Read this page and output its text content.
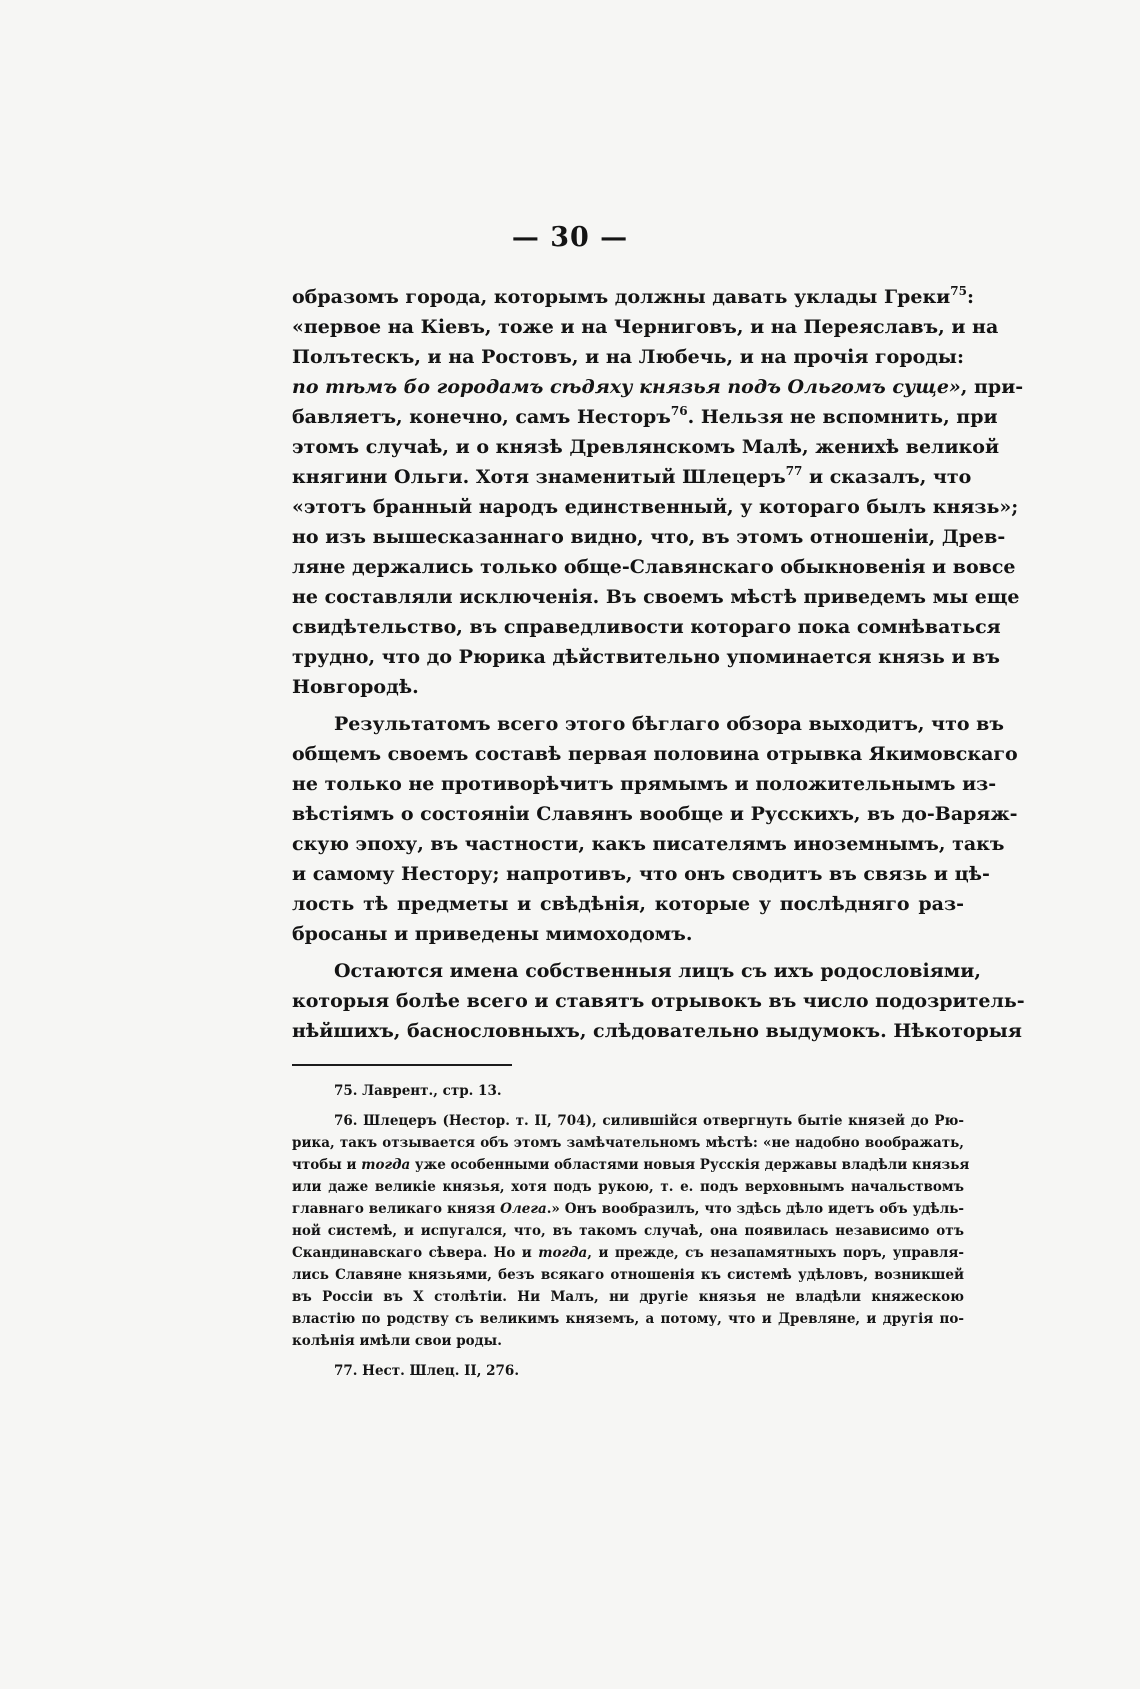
— 30 —

образомъ города, которымъ должны давать уклады Греки$^{75}$:
«первое на Кіевъ, тоже и на Черниговъ, и на Переяславъ, и на
Полътескъ, и на Ростовъ, и на Любечь, и на прочія городы:
по тѣмъ бо городамъ сѣдяху князья подъ Ольгомъ суще», при-
бавляетъ, конечно, самъ Несторъ$^{76}$. Нельзя не вспомнить, при
этомъ случаѣ, и о князѣ Древлянскомъ Малѣ, женихѣ великой
княгини Ольги. Хотя знаменитый Шлецеръ$^{77}$ и сказалъ, что
«этотъ бранный народъ единственный, у котораго былъ князь»;
но изъ вышесказаннаго видно, что, въ этомъ отношеніи, Древ-
ляне держались только обще-Славянскаго обыкновенія и вовсе
не составляли исключенія. Въ своемъ мѣстѣ приведемъ мы еще
свидѣтельство, въ справедливости котораго пока сомнѣваться
трудно, что до Рюрика дѣйствительно упоминается князь и въ
Новгородѣ.

Результатомъ всего этого бѣглаго обзора выходитъ, что въ
общемъ своемъ составѣ первая половина отрывка Якимовскаго
не только не противорѣчитъ прямымъ и положительнымъ из-
вѣстіямъ о состояніи Славянъ вообще и Русскихъ, въ до-Варяж-
скую эпоху, въ частности, какъ писателямъ иноземнымъ, такъ
и самому Нестору; напротивъ, что онъ сводитъ въ связь и цѣ-
лость тѣ предметы и свѣдѣнія, которые у послѣдняго раз-
бросаны и приведены мимоходомъ.

Остаются имена собственныя лицъ съ ихъ родословіями,
которыя болѣе всего и ставятъ отрывокъ въ число подозритель-
нѣйшихъ, баснословныхъ, слѣдовательно выдумокъ. Нѣкоторыя

75. Лаврент., стр. 13.

76. Шлецеръ (Нестор. т. II, 704), силившійся отвергнуть бытіе князей до Рю-
рика, такъ отзывается объ этомъ замѣчательномъ мѣстѣ: «не надобно воображать,
чтобы и тогда уже особенными областями новыя Русскія державы владѣли князья
или даже великіе князья, хотя подъ рукою, т. е. подъ верховнымъ начальствомъ
главнаго великаго князя Олега.» Онъ вообразилъ, что здѣсь дѣло идетъ объ удѣль-
ной системѣ, и испугался, что, въ такомъ случаѣ, она появилась независимо отъ
Скандинавскаго сѣвера. Но и тогда, и прежде, съ незапамятныхъ поръ, управля-
лись Славяне князьями, безъ всякаго отношенія къ системѣ удѣловъ, возникшей
въ Россіи въ X столѣтіи. Ни Малъ, ни другіе князья не владѣли княжескою
властію по родству съ великимъ княземъ, а потому, что и Древляне, и другія по-
колѣнія имѣли свои роды.

77. Нест. Шлец. II, 276.
